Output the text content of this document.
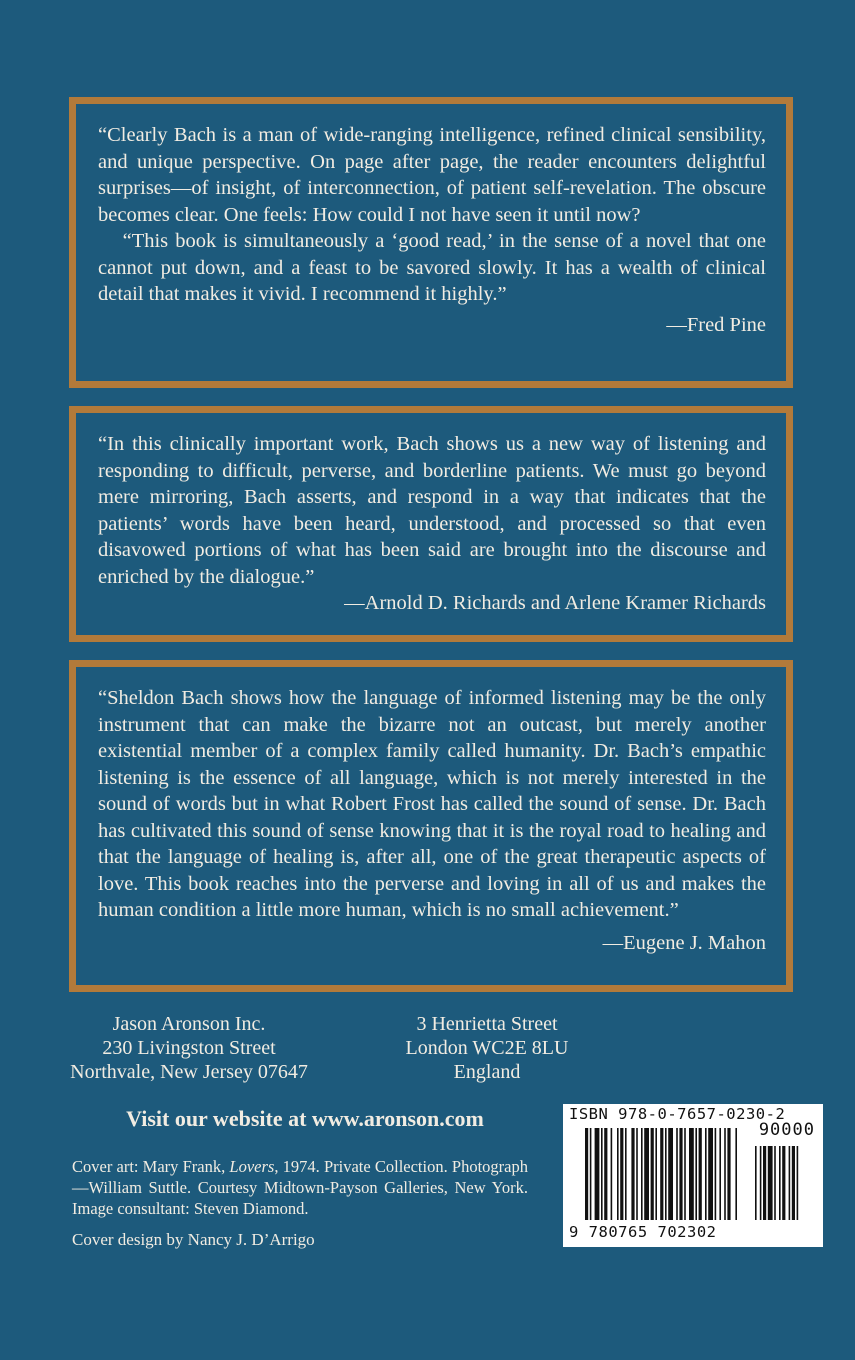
“Clearly Bach is a man of wide-ranging intelligence, refined clinical sensibility, and unique perspective. On page after page, the reader encounters delightful surprises—of insight, of interconnection, of patient self-revelation. The obscure becomes clear. One feels: How could I not have seen it until now?

“This book is simultaneously a ‘good read,’ in the sense of a novel that one cannot put down, and a feast to be savored slowly. It has a wealth of clinical detail that makes it vivid. I recommend it highly.”

—Fred Pine

“In this clinically important work, Bach shows us a new way of listening and responding to difficult, perverse, and borderline patients. We must go beyond mere mirroring, Bach asserts, and respond in a way that indicates that the patients’ words have been heard, understood, and processed so that even disavowed portions of what has been said are brought into the discourse and enriched by the dialogue.”

—Arnold D. Richards and Arlene Kramer Richards

“Sheldon Bach shows how the language of informed listening may be the only instrument that can make the bizarre not an outcast, but merely another existential member of a complex family called humanity. Dr. Bach’s empathic listening is the essence of all language, which is not merely interested in the sound of words but in what Robert Frost has called the sound of sense. Dr. Bach has cultivated this sound of sense knowing that it is the royal road to healing and that the language of healing is, after all, one of the great therapeutic aspects of love. This book reaches into the perverse and loving in all of us and makes the human condition a little more human, which is no small achievement.”

—Eugene J. Mahon

Jason Aronson Inc.
230 Livingston Street
Northvale, New Jersey 07647
3 Henrietta Street
London WC2E 8LU
England
Visit our website at www.aronson.com
Cover art: Mary Frank, Lovers, 1974. Private Collection. Photograph—William Suttle. Courtesy Midtown-Payson Galleries, New York. Image consultant: Steven Diamond.
Cover design by Nancy J. D’Arrigo
ISBN 978-0-7657-0230-2
90000
9 780765 702302
